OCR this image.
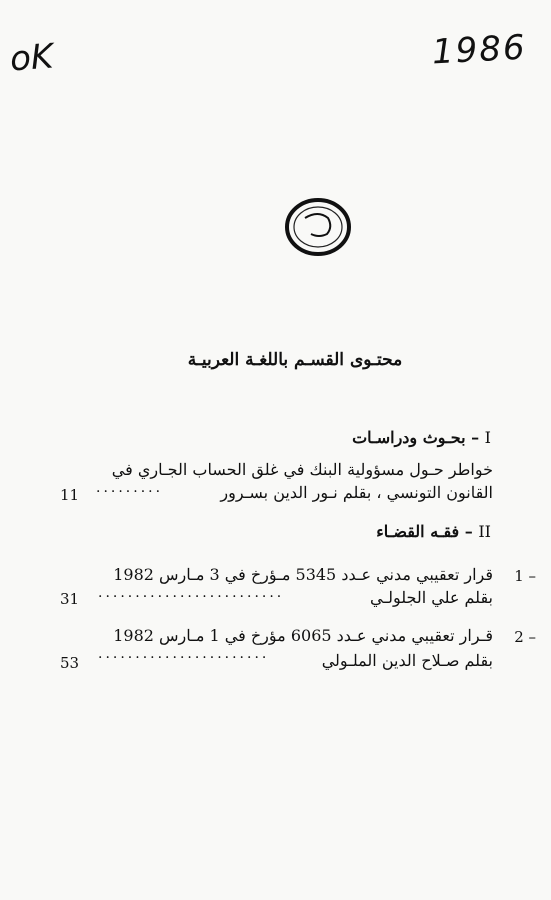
oK	1986
محتـوى القسـم باللغـة العربيـة
I – بحـوث ودراسـات
خواطر حـول مسؤولية البنك في غلق الحساب الجـاري في
القانون التونسي ، بقلم نـور الدين بسـرور
·········
11
II – فقـه القضـاء
1 –
قرار تعقيبي مدني عـدد 5345 مـؤرخ في 3 مـارس 1982
بقلم علي الجلولـي
·························
31
2 –
قـرار تعقيبي مدني عـدد 6065 مؤرخ في 1 مـارس 1982
بقلم صـلاح الدين الملـولي
·······················
53
